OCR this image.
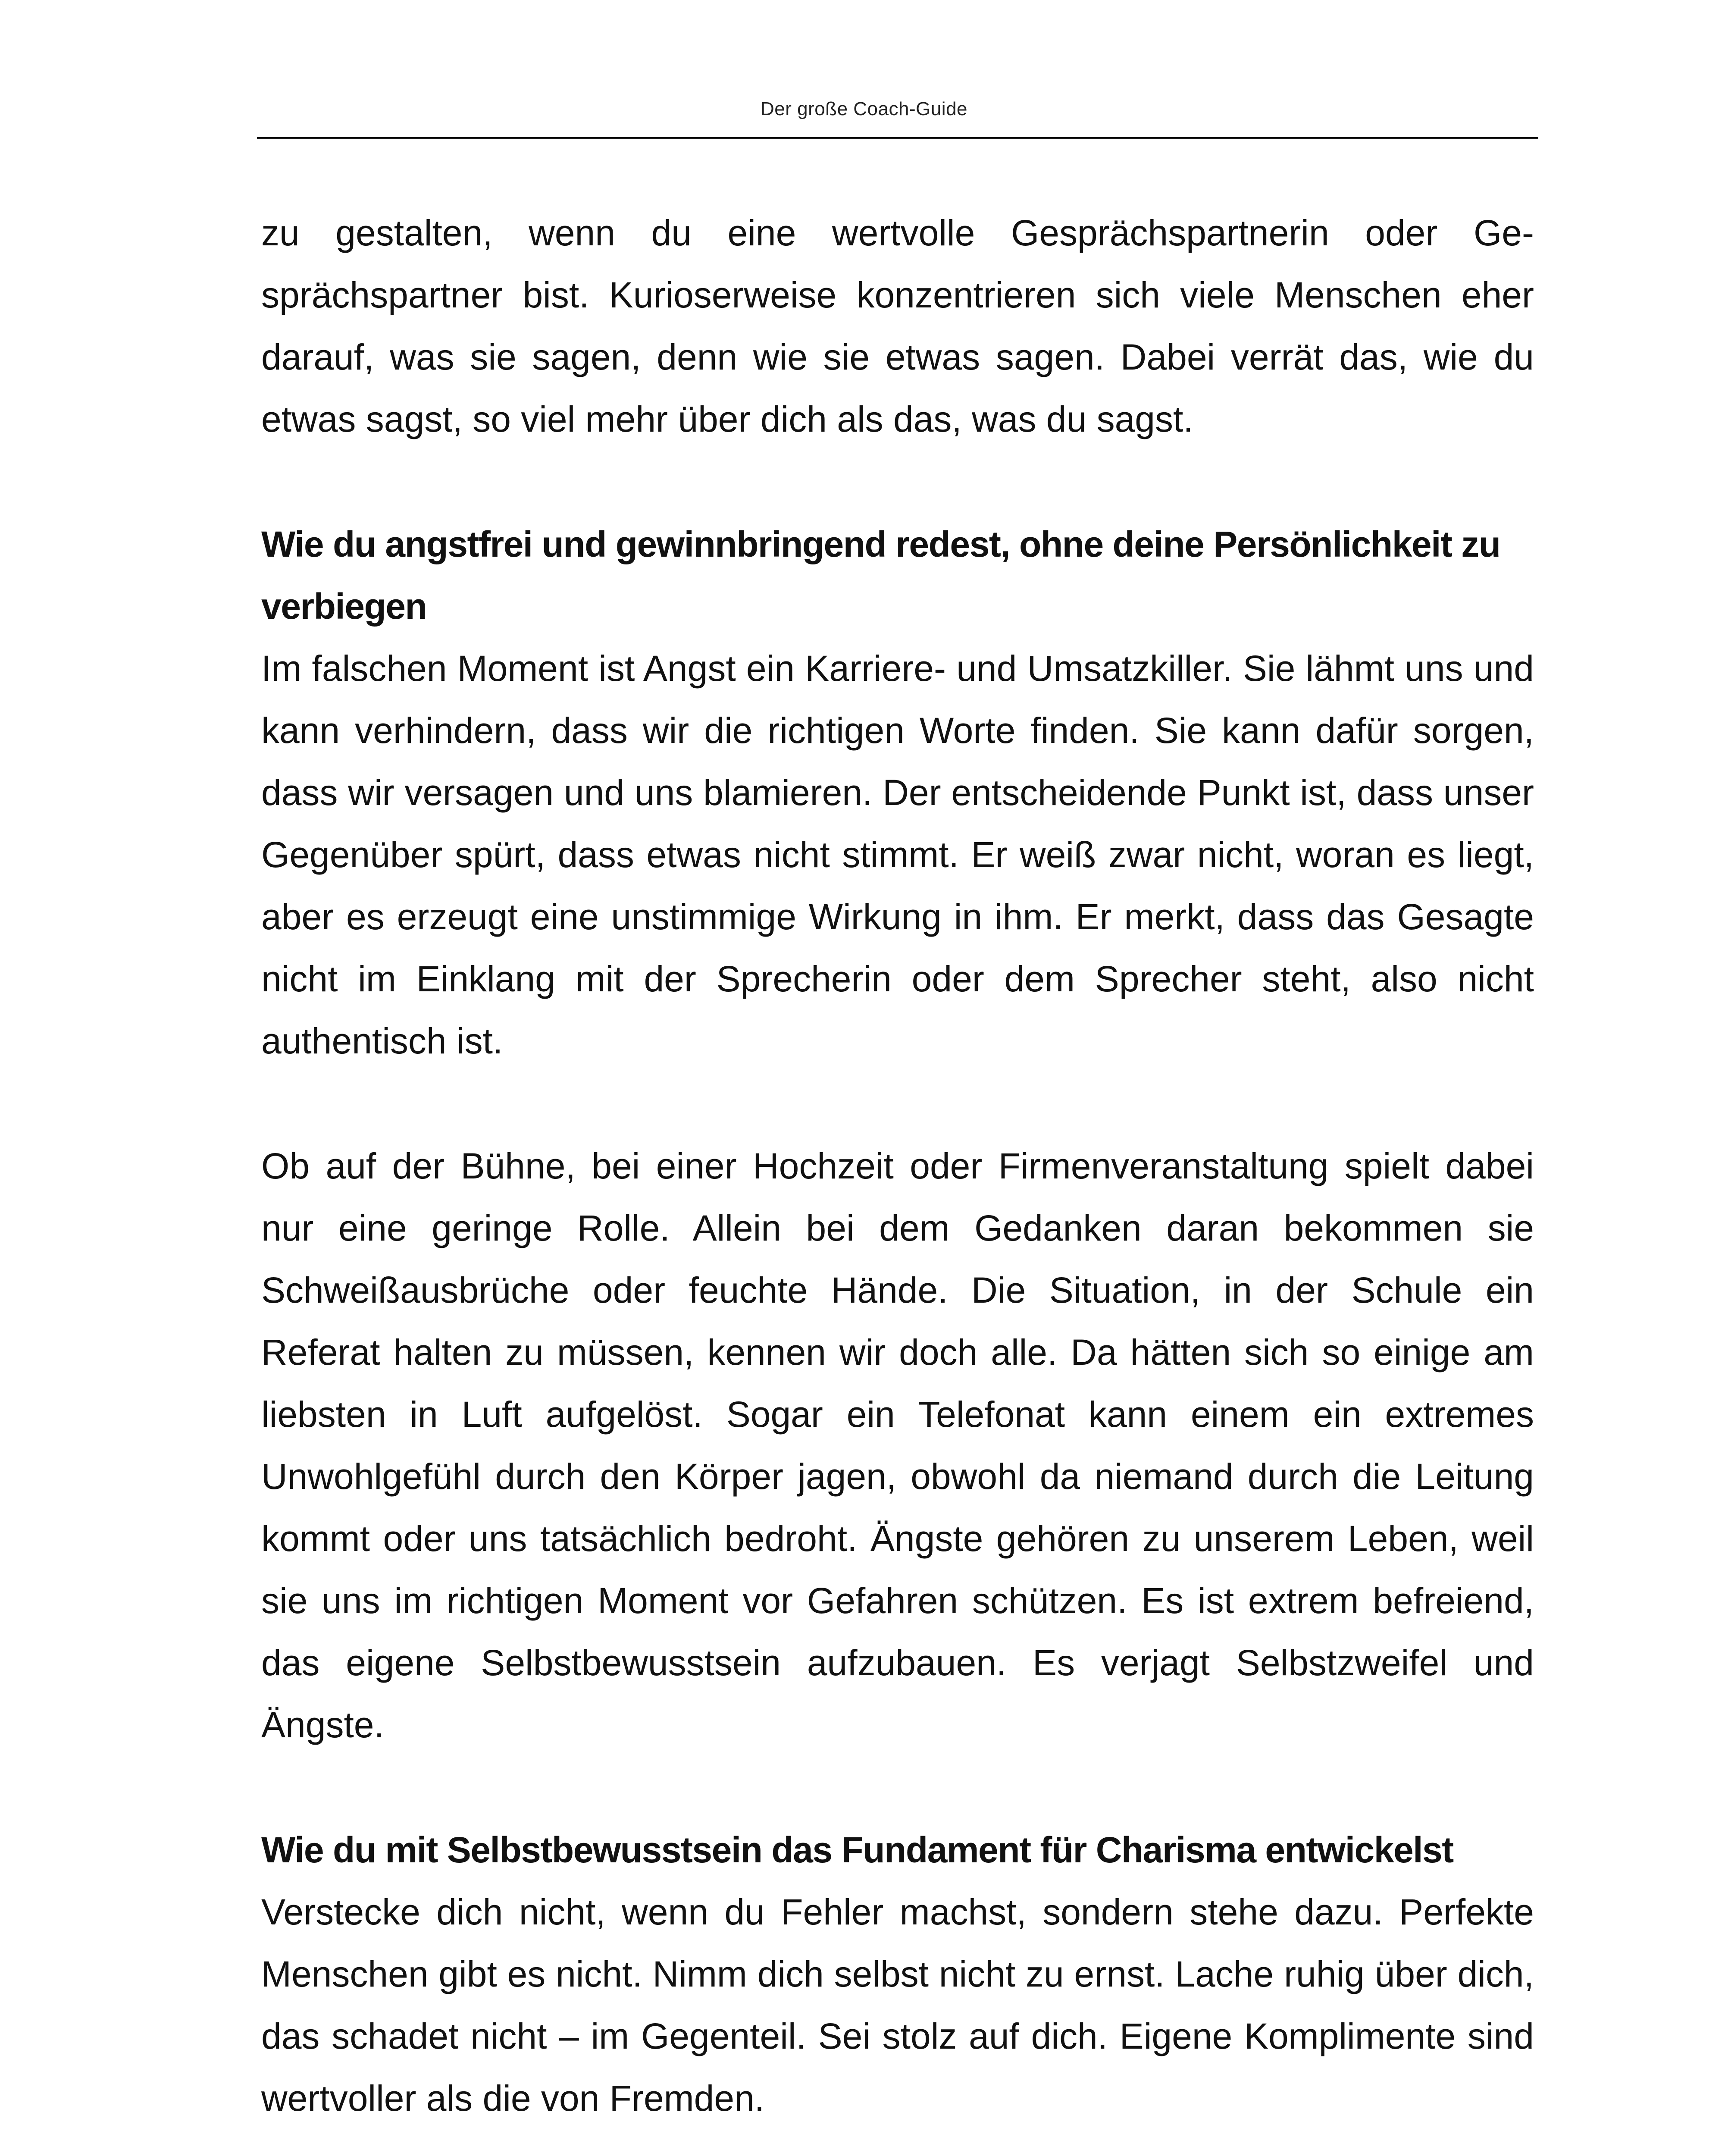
Der große Coach-Guide

zu gestalten, wenn du eine wertvolle Gesprächspartnerin oder Gesprächspartner bist. Kurioserweise konzentrieren sich viele Menschen eher darauf, was sie sagen, denn wie sie etwas sagen. Dabei verrät das, wie du etwas sagst, so viel mehr über dich als das, was du sagst.

Wie du angstfrei und gewinnbringend redest, ohne deine Persönlichkeit zu verbiegen

Im falschen Moment ist Angst ein Karriere- und Umsatzkiller. Sie lähmt uns und kann verhindern, dass wir die richtigen Worte finden. Sie kann dafür sorgen, dass wir versagen und uns blamieren. Der entscheidende Punkt ist, dass unser Gegenüber spürt, dass etwas nicht stimmt. Er weiß zwar nicht, woran es liegt, aber es erzeugt eine unstimmige Wirkung in ihm. Er merkt, dass das Gesagte nicht im Einklang mit der Sprecherin oder dem Sprecher steht, also nicht authentisch ist.

Ob auf der Bühne, bei einer Hochzeit oder Firmenveranstaltung spielt dabei nur eine geringe Rolle. Allein bei dem Gedanken daran bekommen sie Schweißausbrüche oder feuchte Hände. Die Situation, in der Schule ein Referat halten zu müssen, kennen wir doch alle. Da hätten sich so einige am liebsten in Luft aufgelöst. Sogar ein Telefonat kann einem ein extremes Unwohlgefühl durch den Körper jagen, obwohl da niemand durch die Leitung kommt oder uns tatsächlich bedroht. Ängste gehören zu unserem Leben, weil sie uns im richtigen Moment vor Gefahren schützen. Es ist extrem befreiend, das eigene Selbstbewusstsein aufzubauen. Es verjagt Selbstzweifel und Ängste.

Wie du mit Selbstbewusstsein das Fundament für Charisma entwickelst

Verstecke dich nicht, wenn du Fehler machst, sondern stehe dazu. Perfekte Menschen gibt es nicht. Nimm dich selbst nicht zu ernst. Lache ruhig über dich, das schadet nicht – im Gegenteil. Sei stolz auf dich. Eigene Komplimente sind wertvoller als die von Fremden.
